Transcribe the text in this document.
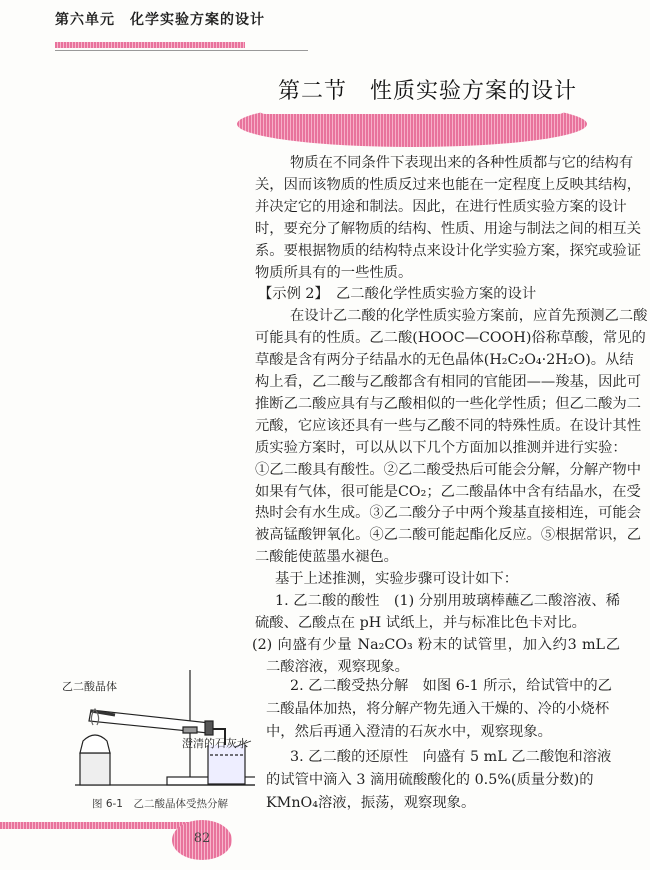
第六单元　化学实验方案的设计
第二节　性质实验方案的设计
物质在不同条件下表现出来的各种性质都与它的结构有
关，因而该物质的性质反过来也能在一定程度上反映其结构，
并决定它的用途和制法。因此，在进行性质实验方案的设计
时，要充分了解物质的结构、性质、用途与制法之间的相互关
系。要根据物质的结构特点来设计化学实验方案，探究或验证
物质所具有的一些性质。
【示例 2】　乙二酸化学性质实验方案的设计
在设计乙二酸的化学性质实验方案前，应首先预测乙二酸
可能具有的性质。乙二酸(HOOC—COOH)俗称草酸，常见的
草酸是含有两分子结晶水的无色晶体(H₂C₂O₄·2H₂O)。从结
构上看，乙二酸与乙酸都含有相同的官能团——羧基，因此可
推断乙二酸应具有与乙酸相似的一些化学性质；但乙二酸为二
元酸，它应该还具有一些与乙酸不同的特殊性质。在设计其性
质实验方案时，可以从以下几个方面加以推测并进行实验：
①乙二酸具有酸性。②乙二酸受热后可能会分解，分解产物中
如果有气体，很可能是CO₂；乙二酸晶体中含有结晶水，在受
热时会有水生成。③乙二酸分子中两个羧基直接相连，可能会
被高锰酸钾氧化。④乙二酸可能起酯化反应。⑤根据常识，乙
二酸能使蓝墨水褪色。
基于上述推测，实验步骤可设计如下：
1. 乙二酸的酸性　(1) 分别用玻璃棒蘸乙二酸溶液、稀
硫酸、乙酸点在 pH 试纸上，并与标准比色卡对比。
(2) 向盛有少量 Na₂CO₃ 粉末的试管里，加入约3 mL乙
二酸溶液，观察现象。
2. 乙二酸受热分解　如图 6-1 所示，给试管中的乙
二酸晶体加热，将分解产物先通入干燥的、冷的小烧杯
中，然后再通入澄清的石灰水中，观察现象。
3. 乙二酸的还原性　向盛有 5 mL 乙二酸饱和溶液
的试管中滴入 3 滴用硫酸酸化的 0.5%(质量分数)的
KMnO₄溶液，振荡，观察现象。
乙二酸晶体
澄清的石灰水
图 6-1　乙二酸晶体受热分解
82
